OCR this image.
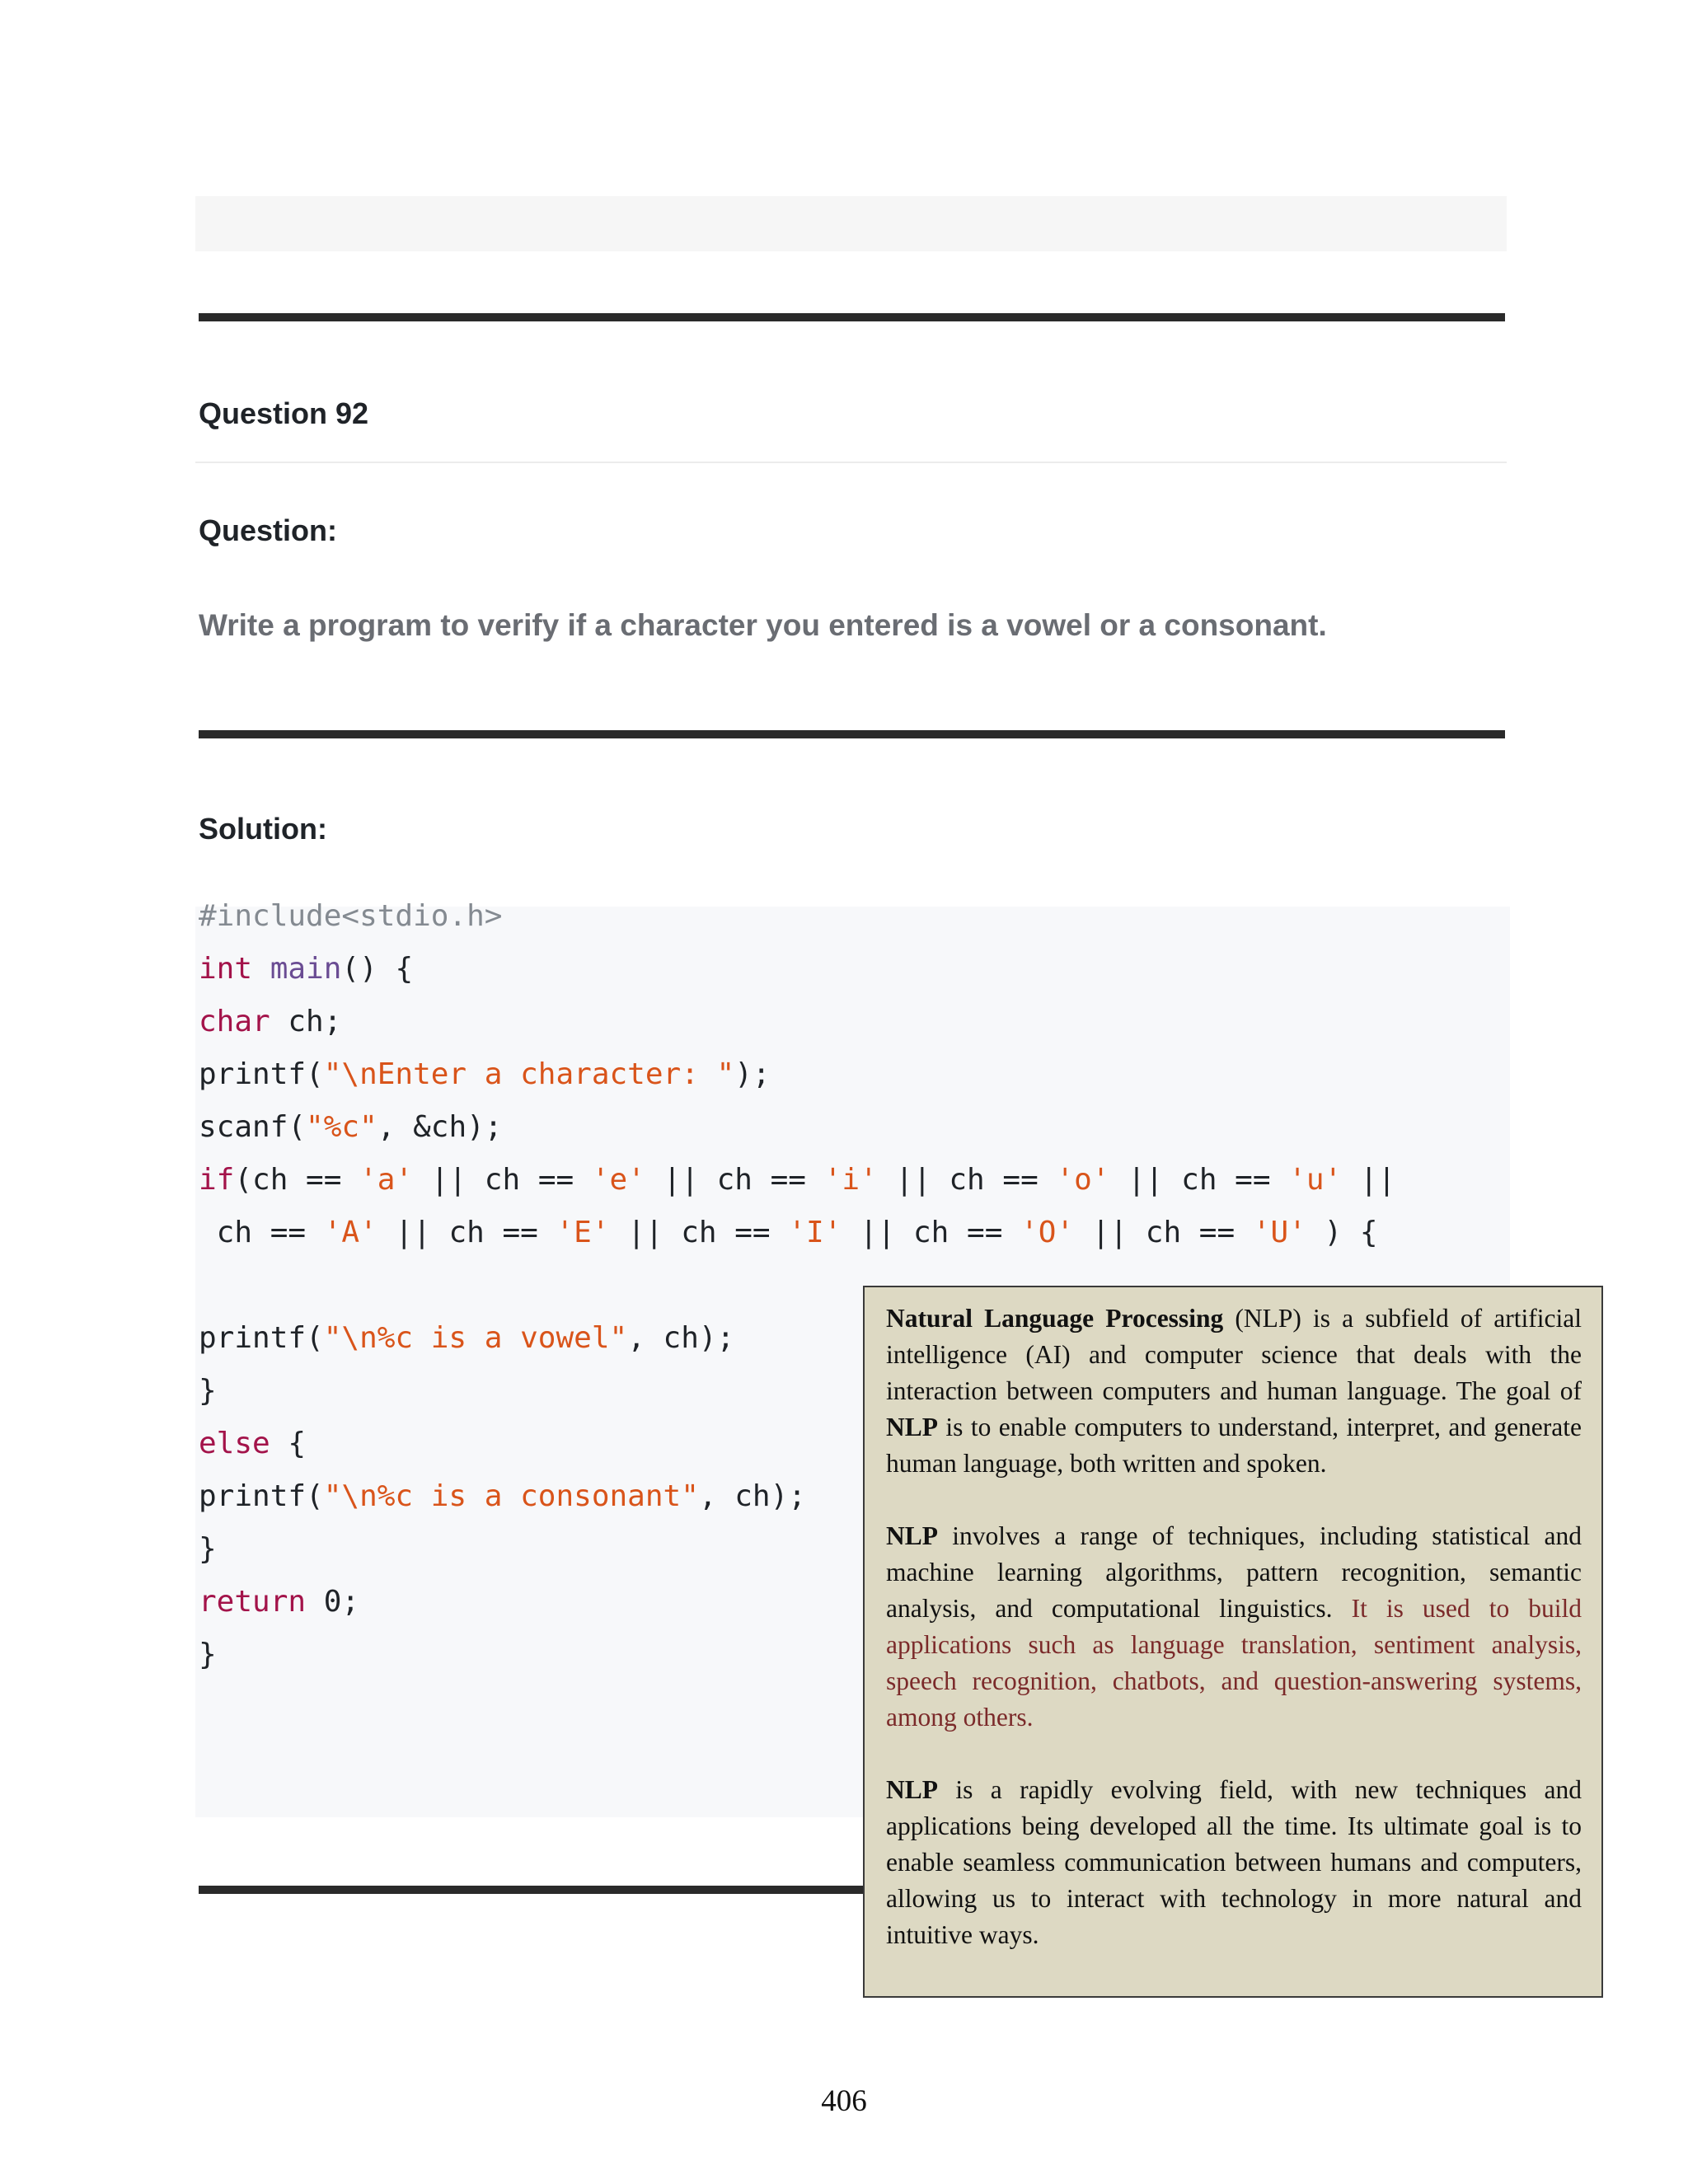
Question 92
Question:
Write a program to verify if a character you entered is a vowel or a consonant.
Solution:
#include<stdio.h>
int main() {
char ch;
printf("\nEnter a character: ");
scanf("%c", &ch);
if(ch == 'a' || ch == 'e' || ch == 'i' || ch == 'o' || ch == 'u' ||
ch == 'A' || ch == 'E' || ch == 'I' || ch == 'O' || ch == 'U' ) {
printf("\n%c is a vowel", ch);
}
else {
printf("\n%c is a consonant", ch);
}
return 0;
}

Natural Language Processing (NLP) is a subfield of artificial intelligence (AI) and computer science that deals with the interaction between computers and human language. The goal of NLP is to enable computers to understand, interpret, and generate human language, both written and spoken.

NLP involves a range of techniques, including statistical and machine learning algorithms, pattern recognition, semantic analysis, and computational linguistics. It is used to build applications such as language translation, sentiment analysis, speech recognition, chatbots, and question-answering systems, among others.

NLP is a rapidly evolving field, with new techniques and applications being developed all the time. Its ultimate goal is to enable seamless communication between humans and computers, allowing us to interact with technology in more natural and intuitive ways.

406
